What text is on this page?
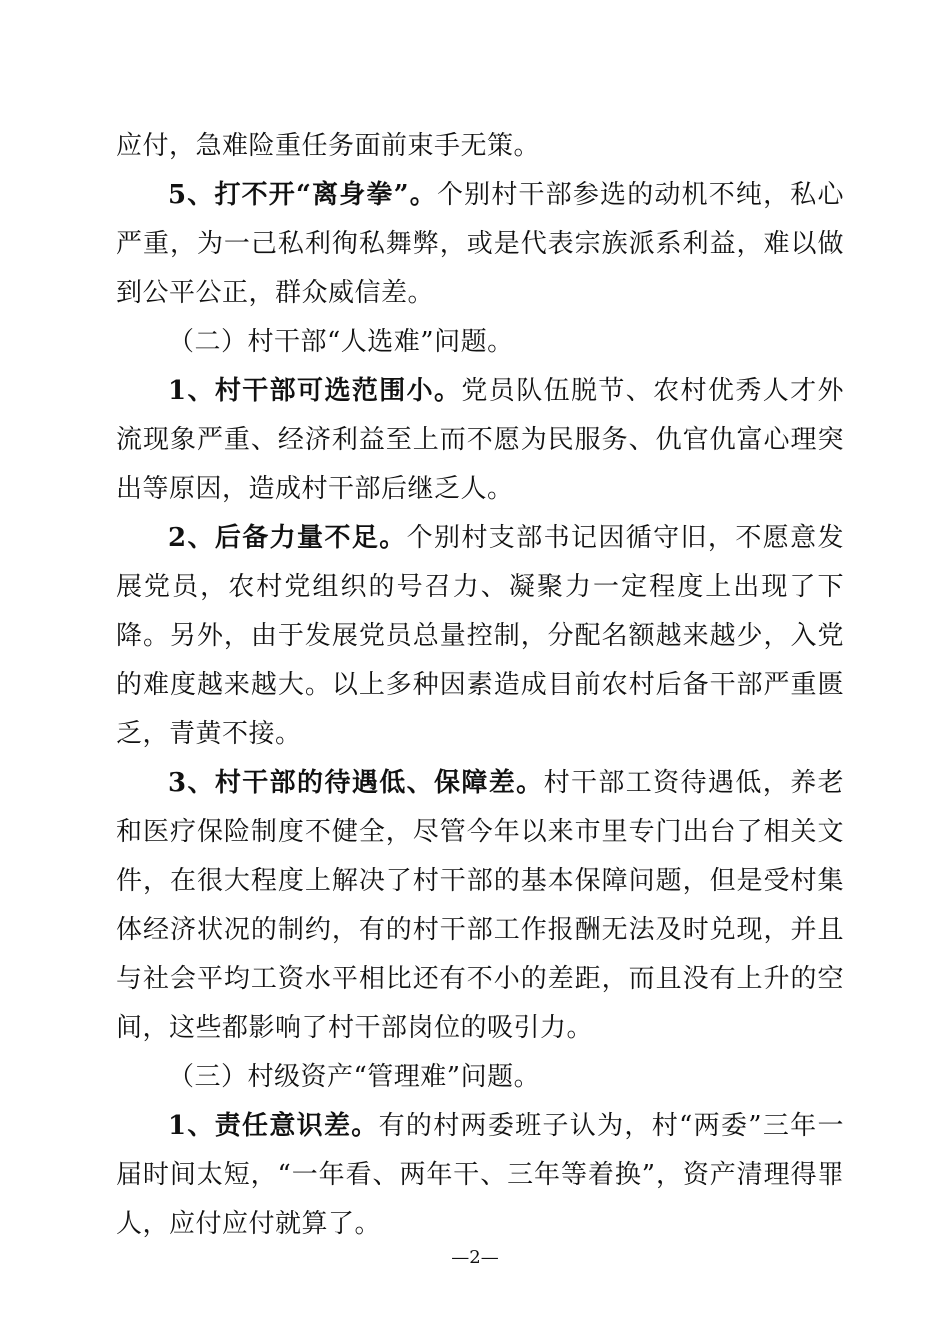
应付，急难险重任务面前束手无策。

5、打不开“离身拳”。个别村干部参选的动机不纯，私心严重，为一己私利徇私舞弊，或是代表宗族派系利益，难以做到公平公正，群众威信差。

（二）村干部“人选难”问题。

1、村干部可选范围小。党员队伍脱节、农村优秀人才外流现象严重、经济利益至上而不愿为民服务、仇官仇富心理突出等原因，造成村干部后继乏人。

2、后备力量不足。个别村支部书记因循守旧，不愿意发展党员，农村党组织的号召力、凝聚力一定程度上出现了下降。另外，由于发展党员总量控制，分配名额越来越少，入党的难度越来越大。以上多种因素造成目前农村后备干部严重匮乏，青黄不接。

3、村干部的待遇低、保障差。村干部工资待遇低，养老和医疗保险制度不健全，尽管今年以来市里专门出台了相关文件，在很大程度上解决了村干部的基本保障问题，但是受村集体经济状况的制约，有的村干部工作报酬无法及时兑现，并且与社会平均工资水平相比还有不小的差距，而且没有上升的空间，这些都影响了村干部岗位的吸引力。

（三）村级资产“管理难”问题。

1、责任意识差。有的村两委班子认为，村“两委”三年一届时间太短，“一年看、两年干、三年等着换”，资产清理得罪人，应付应付就算了。

—2—
